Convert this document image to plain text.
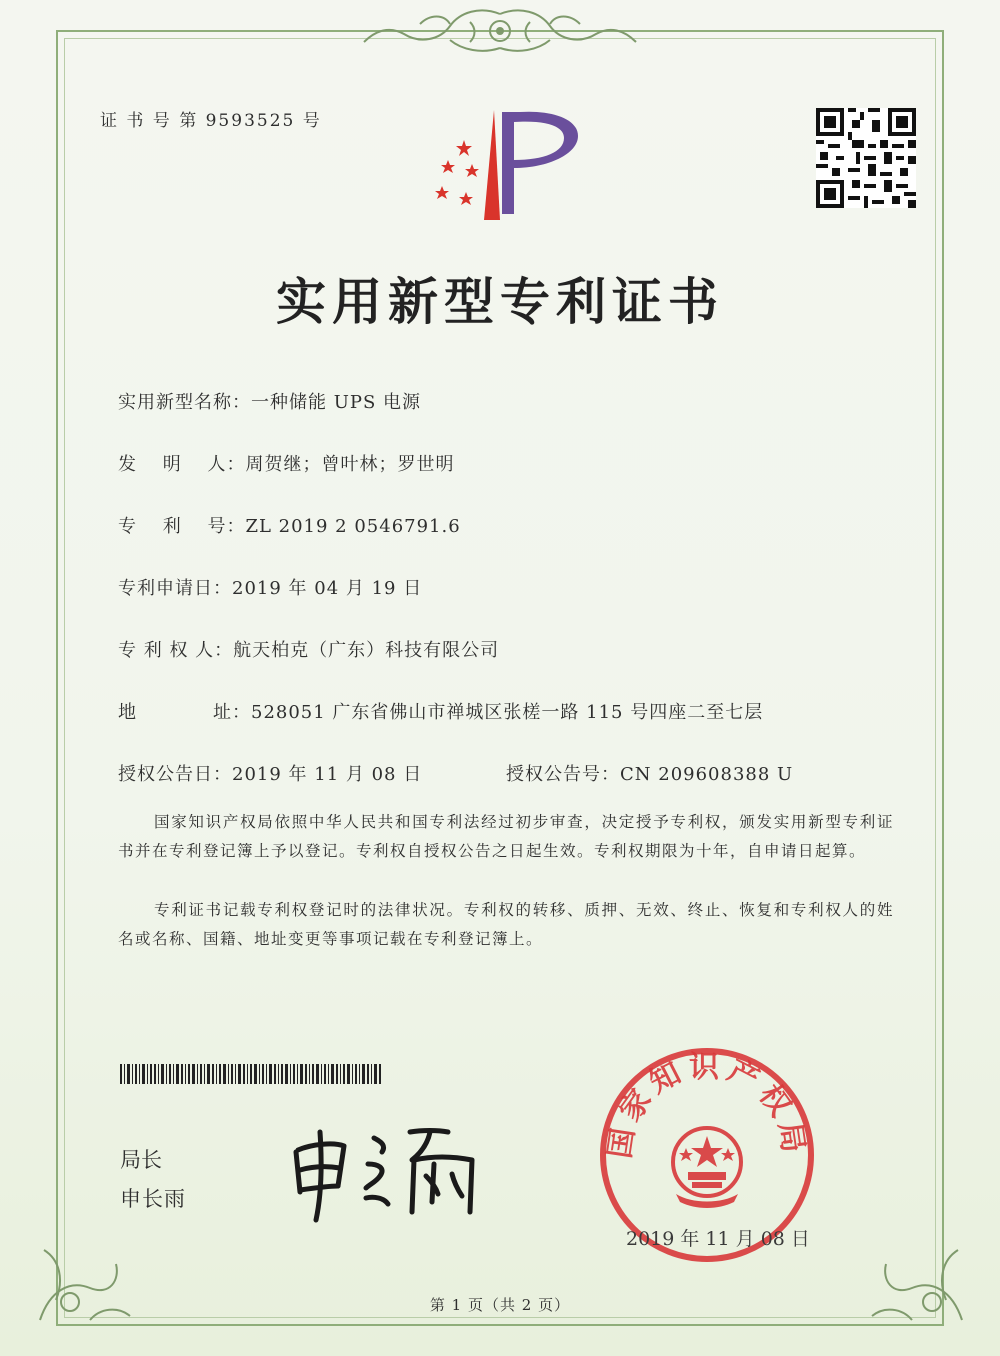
证 书 号 第 9593525 号
实用新型专利证书
实用新型名称：一种储能 UPS 电源
发　 明　 人：周贺继；曾叶林；罗世明
专　 利　 号：ZL 2019 2 0546791.6
专利申请日：2019 年 04 月 19 日
专 利 权 人：航天柏克（广东）科技有限公司
地　　　　址：528051 广东省佛山市禅城区张槎一路 115 号四座二至七层
授权公告日：2019 年 11 月 08 日	授权公告号：CN 209608388 U
国家知识产权局依照中华人民共和国专利法经过初步审查，决定授予专利权，颁发实用新型专利证书并在专利登记簿上予以登记。专利权自授权公告之日起生效。专利权期限为十年，自申请日起算。
专利证书记载专利权登记时的法律状况。专利权的转移、质押、无效、终止、恢复和专利权人的姓名或名称、国籍、地址变更等事项记载在专利登记簿上。
局长
申长雨
国家知识产权局
2019 年 11 月 08 日
第 1 页（共 2 页）
